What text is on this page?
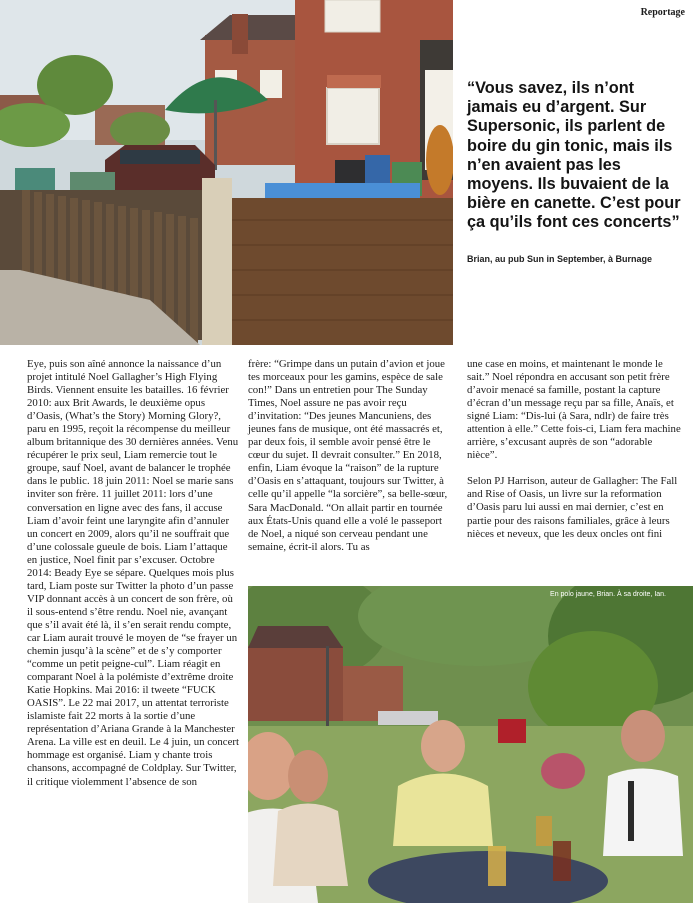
Reportage
“Vous savez, ils n’ont jamais eu d’argent. Sur Supersonic, ils parlent de boire du gin tonic, mais ils n’en avaient pas les moyens. Ils buvaient de la bière en canette. C’est pour ça qu’ils font ces concerts”
Brian, au pub Sun in September, à Burnage

Eye, puis son aîné annonce la naissance d’un projet intitulé Noel Gallagher’s High Flying Birds. Viennent ensuite les batailles. 16 février 2010: aux Brit Awards, le deuxième opus d’Oasis, (What’s the Story) Morning Glory?, paru en 1995, reçoit la récompense du meilleur album britannique des 30 dernières années. Venu récupérer le prix seul, Liam remercie tout le groupe, sauf Noel, avant de balancer le trophée dans le public. 18 juin 2011: Noel se marie sans inviter son frère. 11 juillet 2011: lors d’une conversation en ligne avec des fans, il accuse Liam d’avoir feint une laryngite afin d’annuler un concert en 2009, alors qu’il ne souffrait que d’une colossale gueule de bois. Liam l’attaque en justice, Noel finit par s’excuser. Octobre 2014: Beady Eye se sépare. Quelques mois plus tard, Liam poste sur Twitter la photo d’un passe VIP donnant accès à un concert de son frère, où il sous-entend s’être rendu. Noel nie, avançant que s’il avait été là, il s’en serait rendu compte, car Liam aurait trouvé le moyen de “se frayer un chemin jusqu’à la scène” et de s’y comporter “comme un petit peigne-cul”. Liam réagit en comparant Noel à la polémiste d’extrême droite Katie Hopkins. Mai 2016: il tweete “FUCK OASIS”. Le 22 mai 2017, un attentat terroriste islamiste fait 22 morts à la sortie d’une représentation d’Ariana Grande à la Manchester Arena. La ville est en deuil. Le 4 juin, un concert hommage est organisé. Liam y chante trois chansons, accompagné de Coldplay. Sur Twitter, il critique violemment l’absence de son

frère: “Grimpe dans un putain d’avion et joue tes morceaux pour les gamins, espèce de sale con!” Dans un entretien pour The Sunday Times, Noel assure ne pas avoir reçu d’invitation: “Des jeunes Mancuniens, des jeunes fans de musique, ont été massacrés et, par deux fois, il semble avoir pensé être le cœur du sujet. Il devrait consulter.” En 2018, enfin, Liam évoque la “raison” de la rupture d’Oasis en s’attaquant, toujours sur Twitter, à celle qu’il appelle “la sorcière”, sa belle-sœur, Sara MacDonald. “On allait partir en tournée aux États-Unis quand elle a volé le passeport de Noel, a niqué son cerveau pendant une semaine, écrit-il alors. Tu as

une case en moins, et maintenant le monde le sait.” Noel répondra en accusant son petit frère d’avoir menacé sa famille, postant la capture d’écran d’un message reçu par sa fille, Anaïs, et signé Liam: “Dis-lui (à Sara, ndlr) de faire très attention à elle.” Cette fois-ci, Liam fera machine arrière, s’excusant auprès de son “adorable nièce”.

Selon PJ Harrison, auteur de Gallagher: The Fall and Rise of Oasis, un livre sur la reformation d’Oasis paru lui aussi en mai dernier, c’est en partie pour des raisons familiales, grâce à leurs nièces et neveux, que les deux oncles ont fini

En polo jaune, Brian. À sa droite, Ian.
